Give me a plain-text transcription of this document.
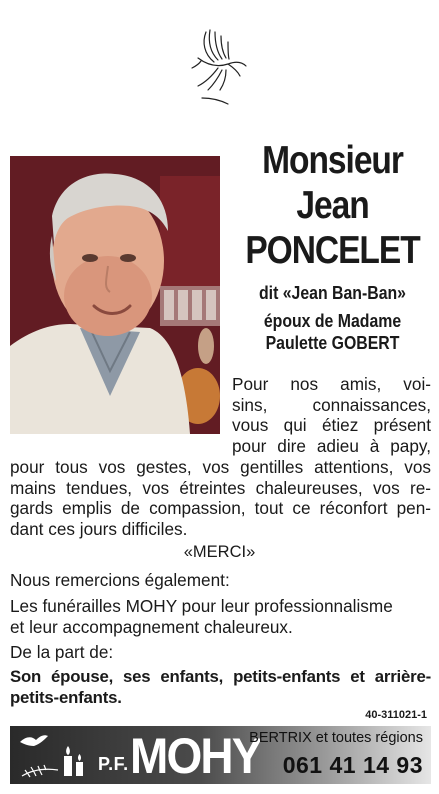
Monsieur
Jean
PONCELET
dit «Jean Ban-Ban»
époux de Madame
Paulette GOBERT
Pour nos amis, voi-
sins, connaissances,
vous qui étiez présent
pour dire adieu à papy,
pour tous vos gestes, vos gentilles attentions, vos
mains tendues, vos étreintes chaleureuses, vos re-
gards emplis de compassion, tout ce réconfort pen-
dant ces jours difficiles.
«MERCI»
Nous remercions également:
Les funérailles MOHY pour leur professionnalisme
et leur accompagnement chaleureux.
De la part de:
Son épouse, ses enfants, petits-enfants et arrière-
petits-enfants.
40-311021-1
P.F. MOHY
BERTRIX et toutes régions
061 41 14 93
